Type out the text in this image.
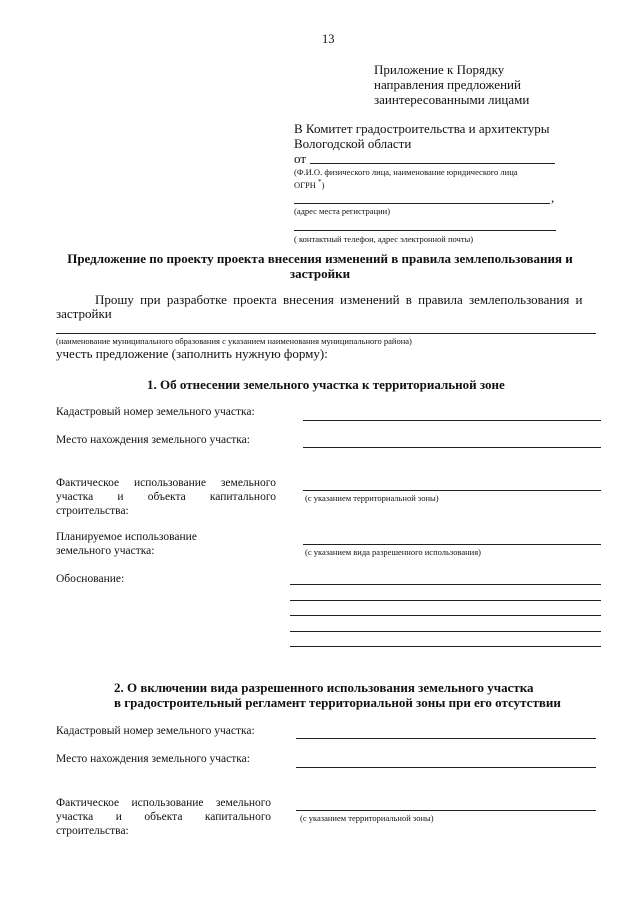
13
Приложение к Порядку
направления предложений
заинтересованными лицами
В Комитет градостроительства и архитектуры
Вологодской области
от
(Ф.И.О. физического лица, наименование юридического лица
ОГРН *)
,
(адрес места регистрации)
( контактный телефон, адрес электронной почты)
Предложение по проекту проекта внесения изменений в правила землепользования и
застройки
Прошу при разработке проекта внесения изменений в правила землепользования и
застройки
(наименование муниципального образования с указанием наименования муниципального района)
учесть предложение (заполнить нужную форму):
1. Об отнесении земельного участка к территориальной зоне
Кадастровый номер земельного участка:
Место нахождения земельного участка:
Фактическое использование земельного
участка и объекта капитального
строительства:
(с указанием территориальной зоны)
Планируемое использование
земельного участка:	(с указанием вида разрешенного использования)
Обоснование:
2. О включении вида разрешенного использования земельного участка
в градостроительный регламент территориальной зоны при его отсутствии
Кадастровый номер земельного участка:
Место нахождения земельного участка:
Фактическое использование земельного
участка и объекта капитального
строительства:
(с указанием территориальной зоны)
